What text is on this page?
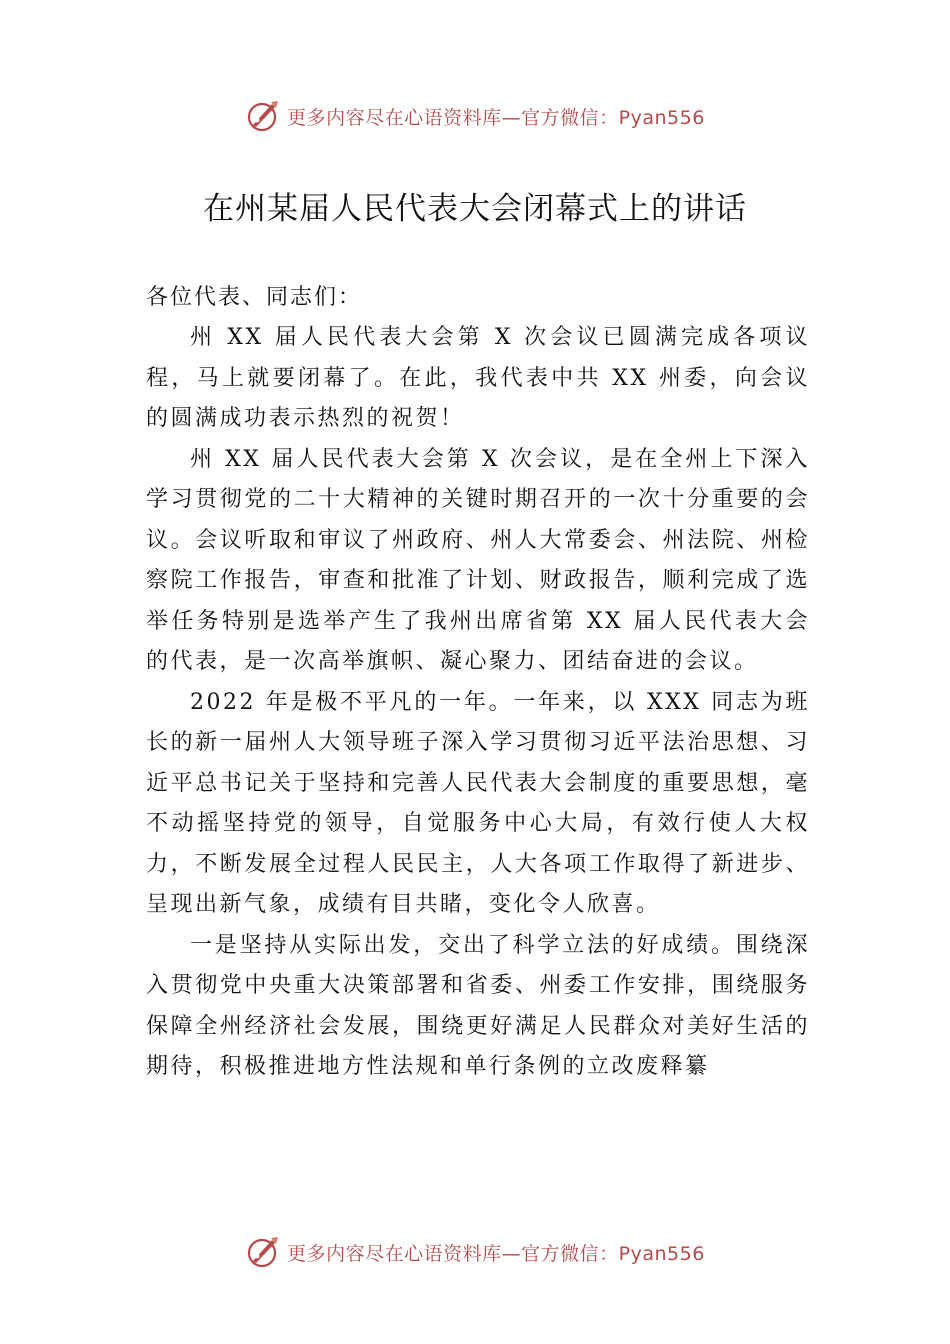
更多内容尽在心语资料库—官方微信：Pyan556
在州某届人民代表大会闭幕式上的讲话

各位代表、同志们：

州 XX 届人民代表大会第 X 次会议已圆满完成各项议程，马上就要闭幕了。在此，我代表中共 XX 州委，向会议的圆满成功表示热烈的祝贺！

州 XX 届人民代表大会第 X 次会议，是在全州上下深入学习贯彻党的二十大精神的关键时期召开的一次十分重要的会议。会议听取和审议了州政府、州人大常委会、州法院、州检察院工作报告，审查和批准了计划、财政报告，顺利完成了选举任务特别是选举产生了我州出席省第 XX 届人民代表大会的代表，是一次高举旗帜、凝心聚力、团结奋进的会议。

2022 年是极不平凡的一年。一年来，以 XXX 同志为班长的新一届州人大领导班子深入学习贯彻习近平法治思想、习近平总书记关于坚持和完善人民代表大会制度的重要思想，毫不动摇坚持党的领导，自觉服务中心大局，有效行使人大权力，不断发展全过程人民民主，人大各项工作取得了新进步、呈现出新气象，成绩有目共睹，变化令人欣喜。

一是坚持从实际出发，交出了科学立法的好成绩。围绕深入贯彻党中央重大决策部署和省委、州委工作安排，围绕服务保障全州经济社会发展，围绕更好满足人民群众对美好生活的期待，积极推进地方性法规和单行条例的立改废释纂

更多内容尽在心语资料库—官方微信：Pyan556
